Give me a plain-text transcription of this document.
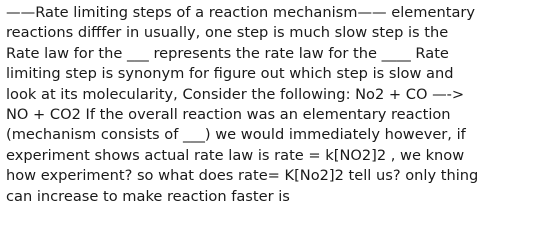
——Rate limiting steps of a reaction mechanism—— elementary
reactions difffer in usually, one step is much slow step is the
Rate law for the ___ represents the rate law for the ____ Rate
limiting step is synonym for figure out which step is slow and
look at its molecularity, Consider the following: No2 + CO —->
NO + CO2 If the overall reaction was an elementary reaction
(mechanism consists of ___) we would immediately however, if
experiment shows actual rate law is rate = k[NO2]2 , we know
how experiment? so what does rate= K[No2]2 tell us? only thing
can increase to make reaction faster is
